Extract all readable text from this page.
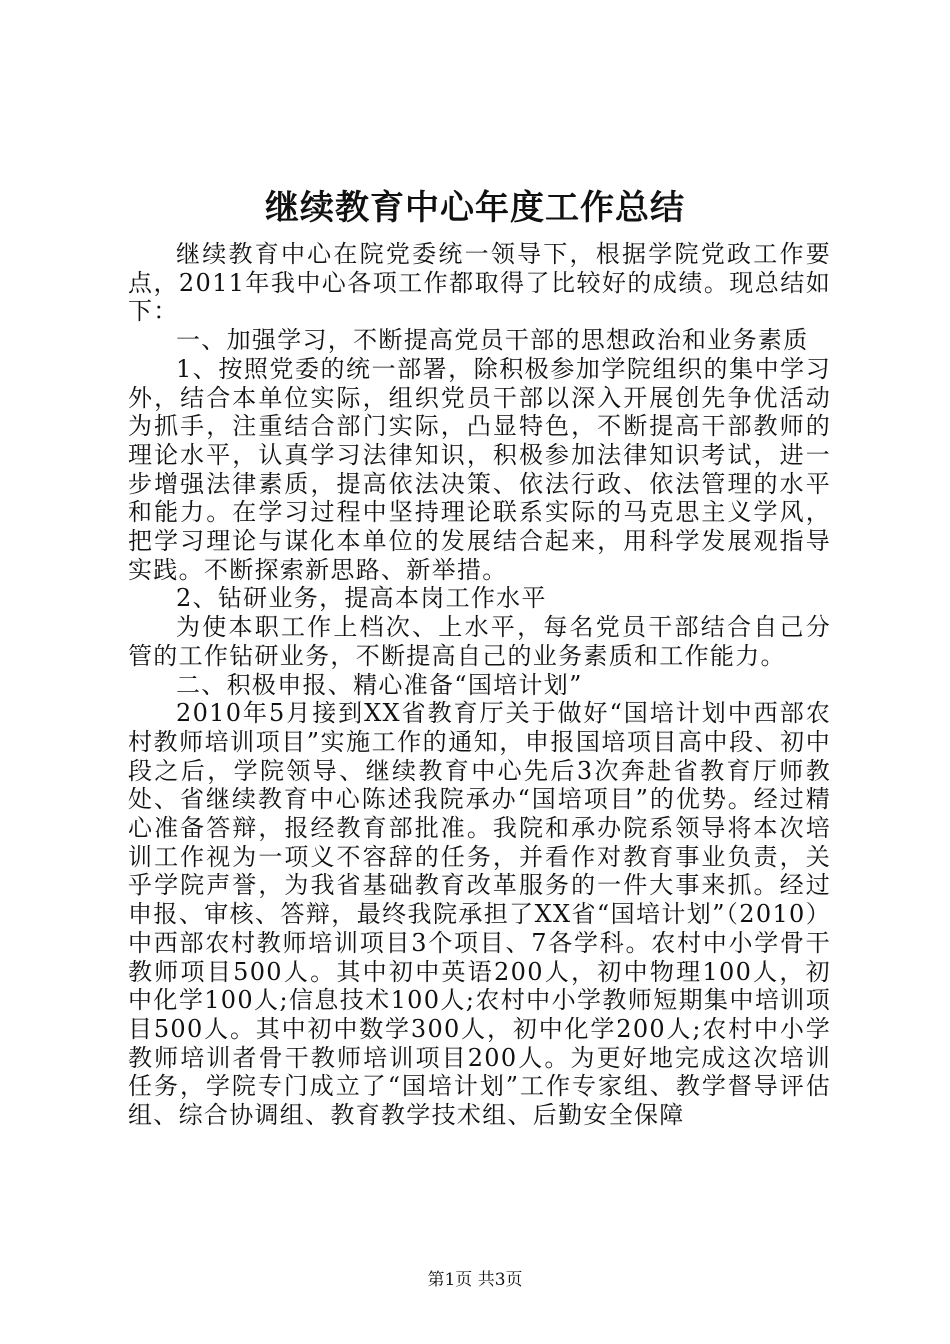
继续教育中心年度工作总结

继续教育中心在院党委统一领导下，根据学院党政工作要点，2011年我中心各项工作都取得了比较好的成绩。现总结如下：

一、加强学习，不断提高党员干部的思想政治和业务素质

1、按照党委的统一部署，除积极参加学院组织的集中学习外，结合本单位实际，组织党员干部以深入开展创先争优活动为抓手，注重结合部门实际，凸显特色，不断提高干部教师的理论水平，认真学习法律知识，积极参加法律知识考试，进一步增强法律素质，提高依法决策、依法行政、依法管理的水平和能力。在学习过程中坚持理论联系实际的马克思主义学风，把学习理论与谋化本单位的发展结合起来，用科学发展观指导实践。不断探索新思路、新举措。

2、钻研业务，提高本岗工作水平

为使本职工作上档次、上水平，每名党员干部结合自己分管的工作钻研业务，不断提高自己的业务素质和工作能力。

二、积极申报、精心准备“国培计划”

2010年5月接到XX省教育厅关于做好“国培计划中西部农村教师培训项目”实施工作的通知，申报国培项目高中段、初中段之后，学院领导、继续教育中心先后3次奔赴省教育厅师教处、省继续教育中心陈述我院承办“国培项目”的优势。经过精心准备答辩，报经教育部批准。我院和承办院系领导将本次培训工作视为一项义不容辞的任务，并看作对教育事业负责，关乎学院声誉，为我省基础教育改革服务的一件大事来抓。经过申报、审核、答辩，最终我院承担了XX省“国培计划”（2010）中西部农村教师培训项目3个项目、7各学科。农村中小学骨干教师项目500人。其中初中英语200人，初中物理100人，初中化学100人;信息技术100人;农村中小学教师短期集中培训项目500人。其中初中数学300人，初中化学200人;农村中小学教师培训者骨干教师培训项目200人。为更好地完成这次培训任务，学院专门成立了“国培计划”工作专家组、教学督导评估组、综合协调组、教育教学技术组、后勤安全保障

第1页 共3页
